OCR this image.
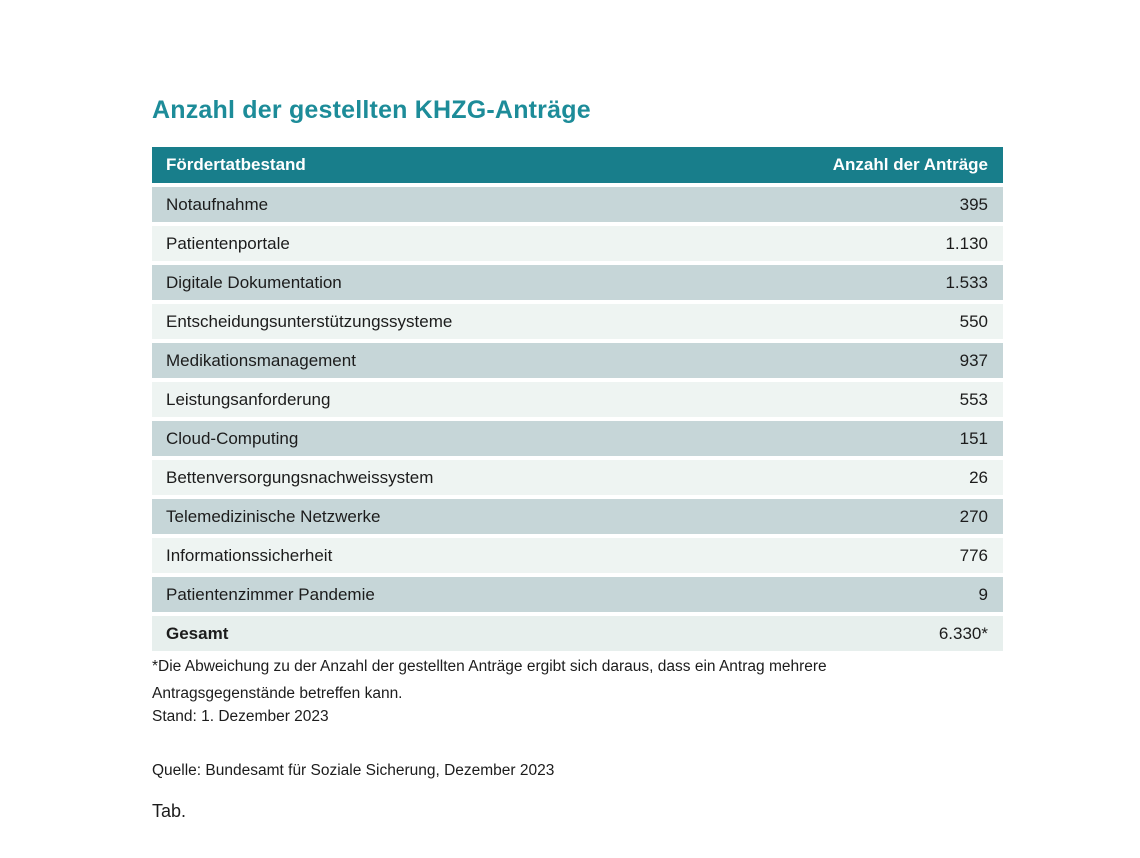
Anzahl der gestellten KHZG-Anträge
Fördertatbestand	Anzahl der Anträge
Notaufnahme	395
Patientenportale	1.130
Digitale Dokumentation	1.533
Entscheidungsunterstützungssysteme	550
Medikationsmanagement	937
Leistungsanforderung	553
Cloud-Computing	151
Bettenversorgungsnachweissystem	26
Telemedizinische Netzwerke	270
Informationssicherheit	776
Patientenzimmer Pandemie	9
Gesamt	6.330*
*Die Abweichung zu der Anzahl der gestellten Anträge ergibt sich daraus, dass ein Antrag mehrere Antragsgegenstände betreffen kann.
Stand: 1. Dezember 2023
Quelle: Bundesamt für Soziale Sicherung, Dezember 2023
Tab.
